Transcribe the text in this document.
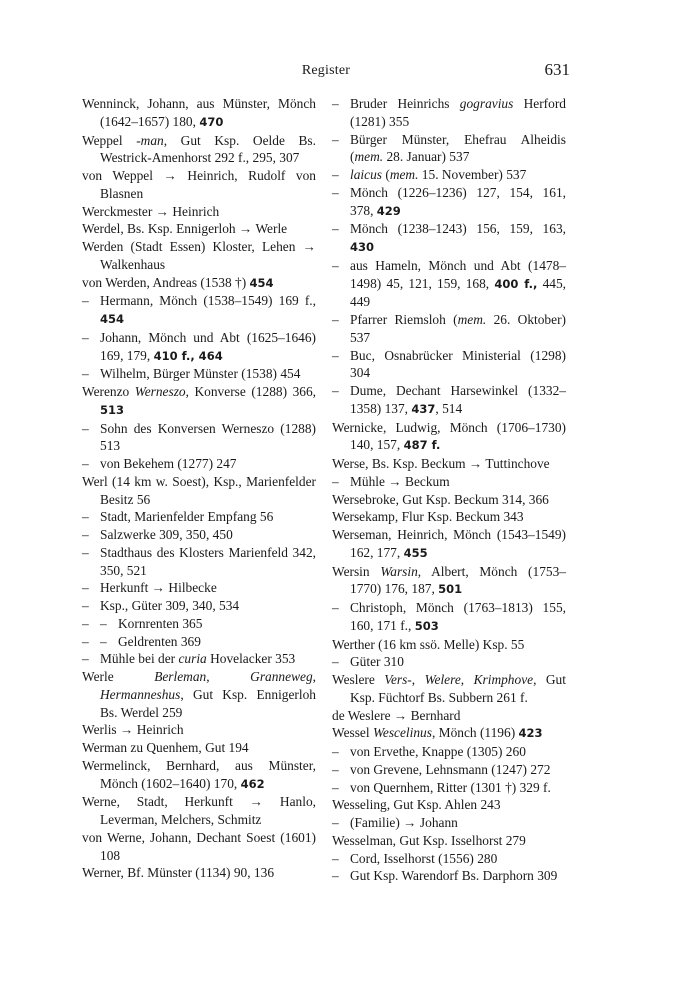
Register	631
Wenninck, Johann, aus Münster, Mönch (1642–1657) 180, 470
Weppel -man, Gut Ksp. Oelde Bs. Westrick-Amenhorst 292 f., 295, 307
von Weppel → Heinrich, Rudolf von Blasnen
Werckmester → Heinrich
Werdel, Bs. Ksp. Ennigerloh → Werle
Werden (Stadt Essen) Kloster, Lehen → Walkenhaus
von Werden, Andreas (1538 †) 454
– Hermann, Mönch (1538–1549) 169 f., 454
– Johann, Mönch und Abt (1625–1646) 169, 179, 410 f., 464
– Wilhelm, Bürger Münster (1538) 454
Werenzo Werneszo, Konverse (1288) 366, 513
– Sohn des Konversen Werneszo (1288) 513
– von Bekehem (1277) 247
Werl (14 km w. Soest), Ksp., Marienfelder Besitz 56
– Stadt, Marienfelder Empfang 56
– Salzwerke 309, 350, 450
– Stadthaus des Klosters Marienfeld 342, 350, 521
– Herkunft → Hilbecke
– Ksp., Güter 309, 340, 534
– – Kornrenten 365
– – Geldrenten 369
– Mühle bei der curia Hovelacker 353
Werle Berleman, Granneweg, Hermanneshus, Gut Ksp. Ennigerloh Bs. Werdel 259
Werlis → Heinrich
Werman zu Quenhem, Gut 194
Wermelinck, Bernhard, aus Münster, Mönch (1602–1640) 170, 462
Werne, Stadt, Herkunft → Hanlo, Leverman, Melchers, Schmitz
von Werne, Johann, Dechant Soest (1601) 108
Werner, Bf. Münster (1134) 90, 136
– Bruder Heinrichs gogravius Herford (1281) 355
– Bürger Münster, Ehefrau Alheidis (mem. 28. Januar) 537
– laicus (mem. 15. November) 537
– Mönch (1226–1236) 127, 154, 161, 378, 429
– Mönch (1238–1243) 156, 159, 163, 430
– aus Hameln, Mönch und Abt (1478–1498) 45, 121, 159, 168, 400 f., 445, 449
– Pfarrer Riemsloh (mem. 26. Oktober) 537
– Buc, Osnabrücker Ministerial (1298) 304
– Dume, Dechant Harsewinkel (1332–1358) 137, 437, 514
Wernicke, Ludwig, Mönch (1706–1730) 140, 157, 487 f.
Werse, Bs. Ksp. Beckum → Tuttinchove
– Mühle → Beckum
Wersebroke, Gut Ksp. Beckum 314, 366
Wersekamp, Flur Ksp. Beckum 343
Werseman, Heinrich, Mönch (1543–1549) 162, 177, 455
Wersin Warsin, Albert, Mönch (1753–1770) 176, 187, 501
– Christoph, Mönch (1763–1813) 155, 160, 171 f., 503
Werther (16 km ssö. Melle) Ksp. 55
– Güter 310
Weslere Vers-, Welere, Krimphove, Gut Ksp. Füchtorf Bs. Subbern 261 f.
de Weslere → Bernhard
Wessel Wescelinus, Mönch (1196) 423
– von Ervethe, Knappe (1305) 260
– von Grevene, Lehnsmann (1247) 272
– von Quernhem, Ritter (1301 †) 329 f.
Wesseling, Gut Ksp. Ahlen 243
– (Familie) → Johann
Wesselman, Gut Ksp. Isselhorst 279
– Cord, Isselhorst (1556) 280
– Gut Ksp. Warendorf Bs. Darphorn 309
